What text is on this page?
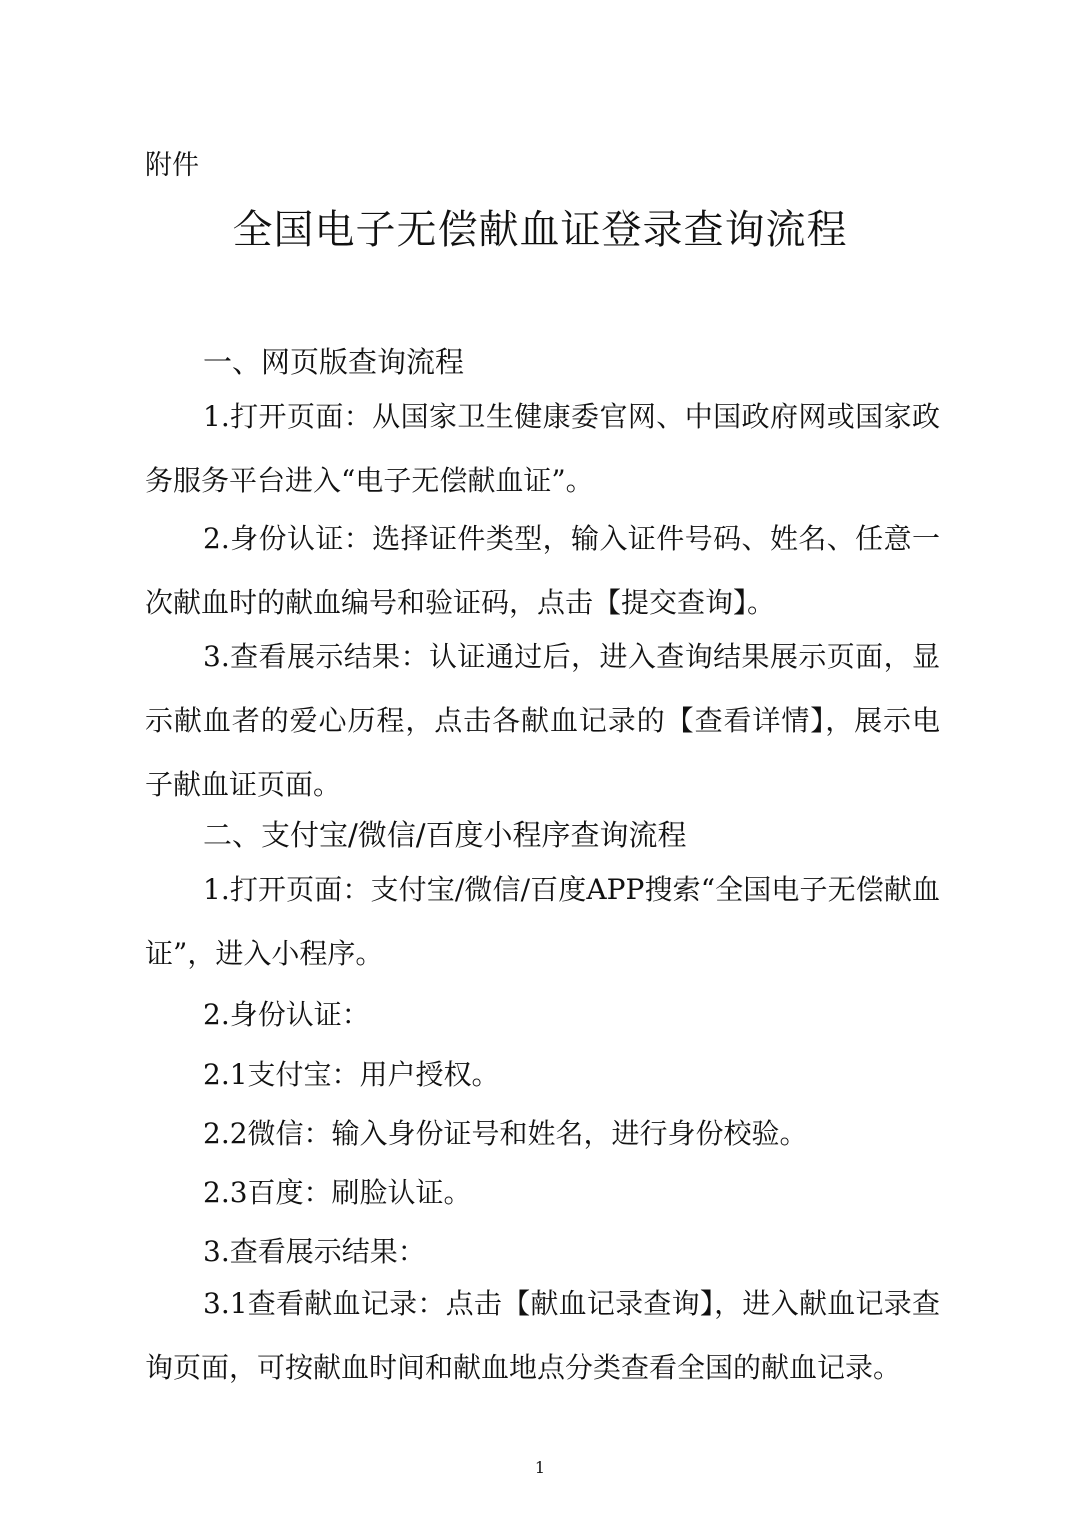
附件
全国电子无偿献血证登录查询流程
一、网页版查询流程

1.打开页面：从国家卫生健康委官网、中国政府网或国家政务服务平台进入“电子无偿献血证”。

2.身份认证：选择证件类型，输入证件号码、姓名、任意一次献血时的献血编号和验证码，点击【提交查询】。

3.查看展示结果：认证通过后，进入查询结果展示页面，显示献血者的爱心历程，点击各献血记录的【查看详情】，展示电子献血证页面。

二、支付宝/微信/百度小程序查询流程

1.打开页面：支付宝/微信/百度APP搜索“全国电子无偿献血证”，进入小程序。

2.身份认证：
2.1支付宝：用户授权。
2.2微信：输入身份证号和姓名，进行身份校验。
2.3百度：刷脸认证。
3.查看展示结果：

3.1查看献血记录：点击【献血记录查询】，进入献血记录查询页面，可按献血时间和献血地点分类查看全国的献血记录。

1
